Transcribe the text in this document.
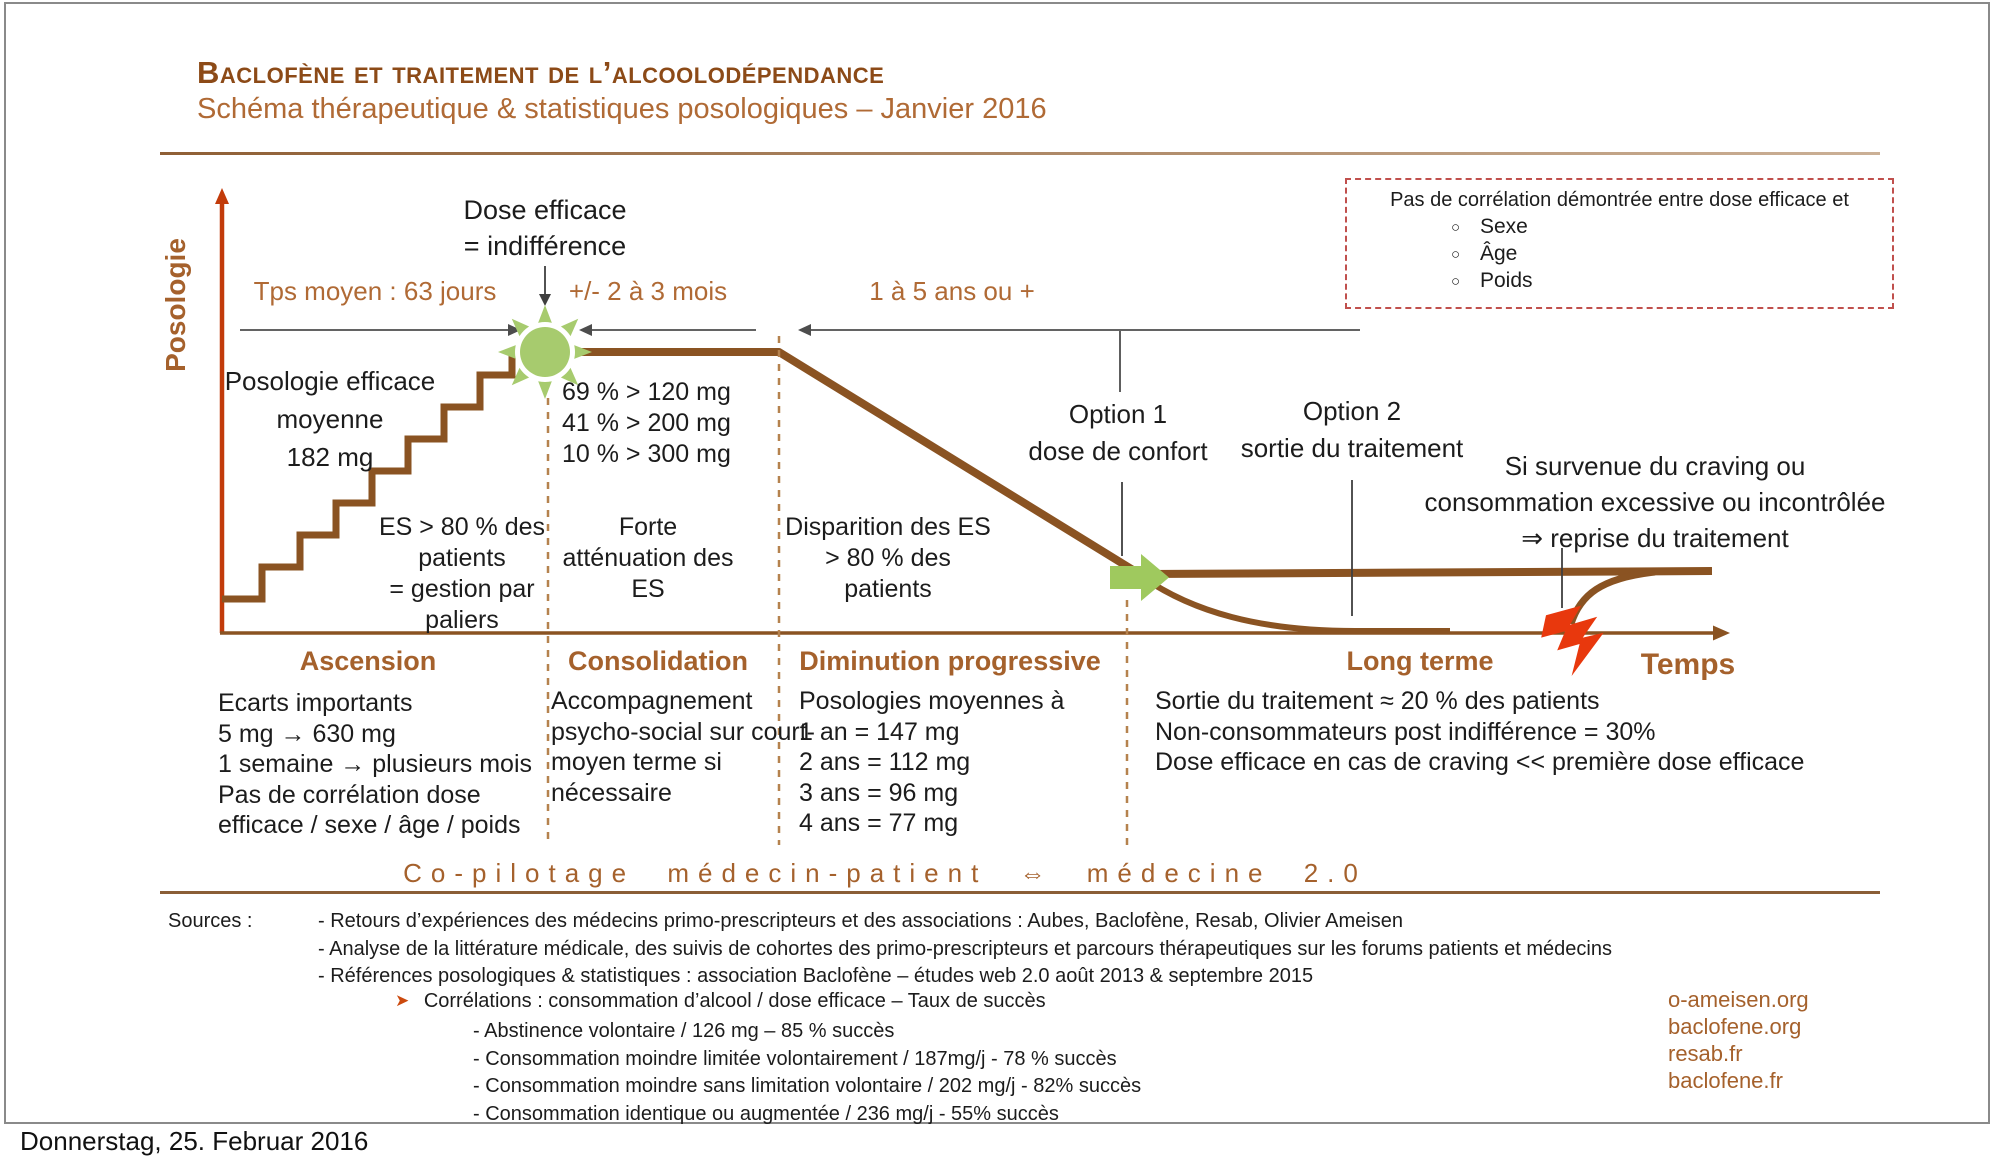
Baclofène et traitement de l’alcoolodépendance
Schéma thérapeutique & statistiques posologiques – Janvier 2016
Pas de corrélation démontrée entre dose efficace et
○ Sexe
○ Âge
○ Poids
Posologie
Temps
Dose efficace
= indifférence
Tps moyen : 63 jours	+/- 2 à 3 mois	1 à 5 ans ou +
Posologie efficace
moyenne
182 mg
69 % > 120 mg
41 % > 200 mg
10 % > 300 mg
ES > 80 % des
patients
= gestion par
paliers
Forte
atténuation des
ES
Disparition des ES
> 80 % des
patients
Option 1
dose de confort
Option 2
sortie du traitement
Si survenue du craving ou
consommation excessive ou incontrôlée
⇒ reprise du traitement
Ascension	Consolidation Diminution progressive	Long terme
Ecarts importants
5 mg → 630 mg
1 semaine → plusieurs mois
Pas de corrélation dose
efficace / sexe / âge / poids
Accompagnement
psycho-social sur court-
moyen terme si
nécessaire
Posologies moyennes à
1 an = 147 mg
2 ans = 112 mg
3 ans = 96 mg
4 ans = 77 mg
Sortie du traitement ≈ 20 % des patients
Non-consommateurs post indifférence = 30%
Dose efficace en cas de craving << première dose efficace
Co-pilotage médecin-patient ⇔ médecine 2.0
Sources :	- Retours d’expériences des médecins primo-prescripteurs et des associations : Aubes, Baclofène, Resab, Olivier Ameisen
- Analyse de la littérature médicale, des suivis de cohortes des primo-prescripteurs et parcours thérapeutiques sur les forums patients et médecins
- Références posologiques & statistiques : association Baclofène – études web 2.0 août 2013 & septembre 2015
➤ Corrélations : consommation d’alcool / dose efficace – Taux de succès
- Abstinence volontaire / 126 mg – 85 % succès
- Consommation moindre limitée volontairement / 187mg/j - 78 % succès
- Consommation moindre sans limitation volontaire / 202 mg/j - 82% succès
- Consommation identique ou augmentée / 236 mg/j - 55% succès
o-ameisen.org
baclofene.org
resab.fr
baclofene.fr
Donnerstag, 25. Februar 2016
